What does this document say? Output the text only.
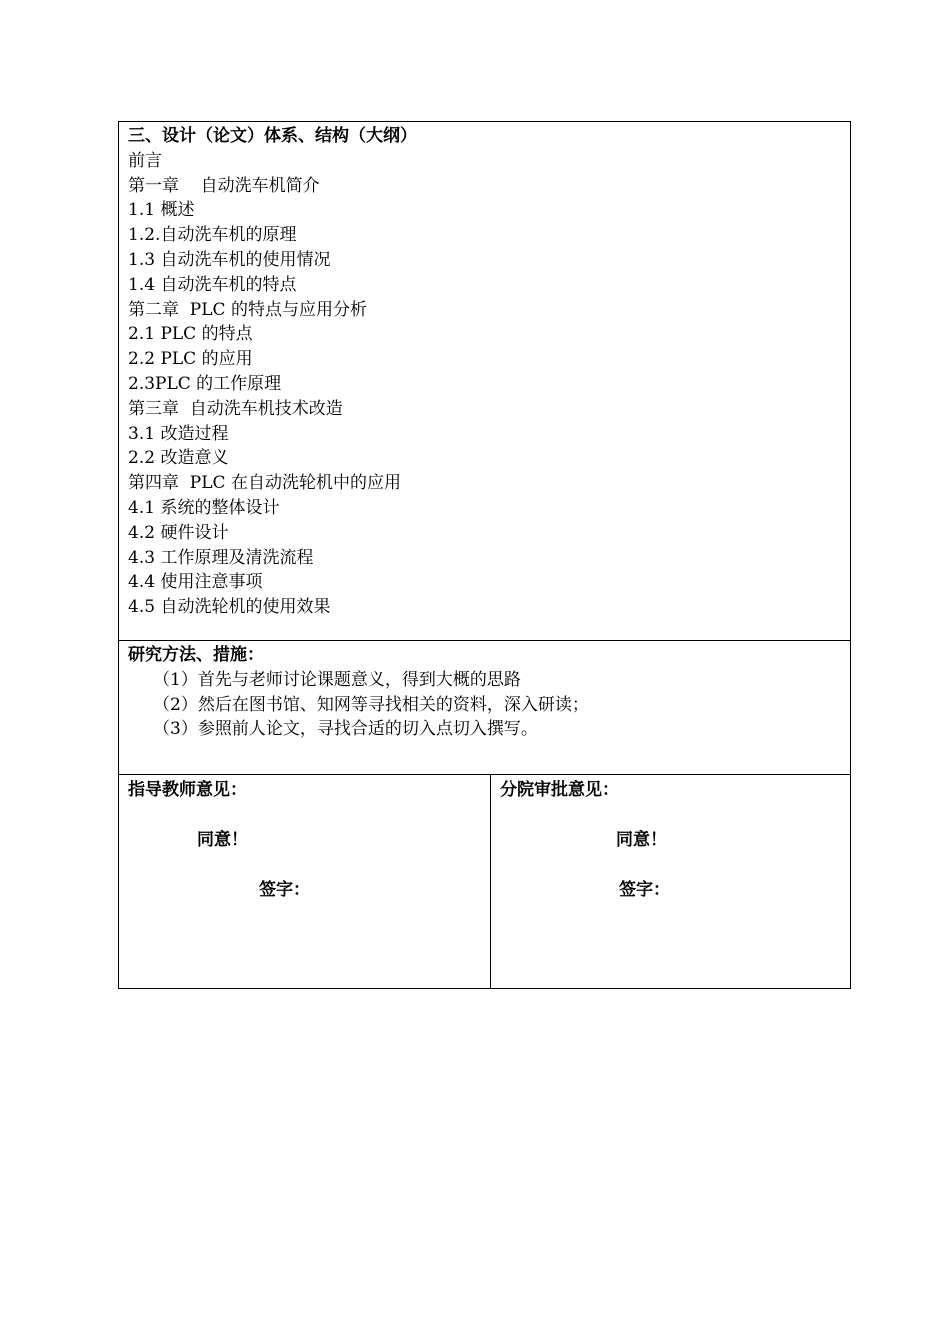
三、设计（论文）体系、结构（大纲）
前言
第一章    自动洗车机简介
1.1 概述
1.2.自动洗车机的原理
1.3 自动洗车机的使用情况
1.4 自动洗车机的特点
第二章  PLC 的特点与应用分析
2.1 PLC 的特点
2.2 PLC 的应用
2.3PLC 的工作原理
第三章  自动洗车机技术改造
3.1 改造过程
2.2 改造意义
第四章  PLC 在自动洗轮机中的应用
4.1 系统的整体设计
4.2 硬件设计
4.3 工作原理及清洗流程
4.4 使用注意事项
4.5 自动洗轮机的使用效果
研究方法、措施：
（1）首先与老师讨论课题意义，得到大概的思路
（2）然后在图书馆、知网等寻找相关的资料，深入研读；
（3）参照前人论文，寻找合适的切入点切入撰写。
指导教师意见：
同意！
签字：
分院审批意见：
同意！
签字：
